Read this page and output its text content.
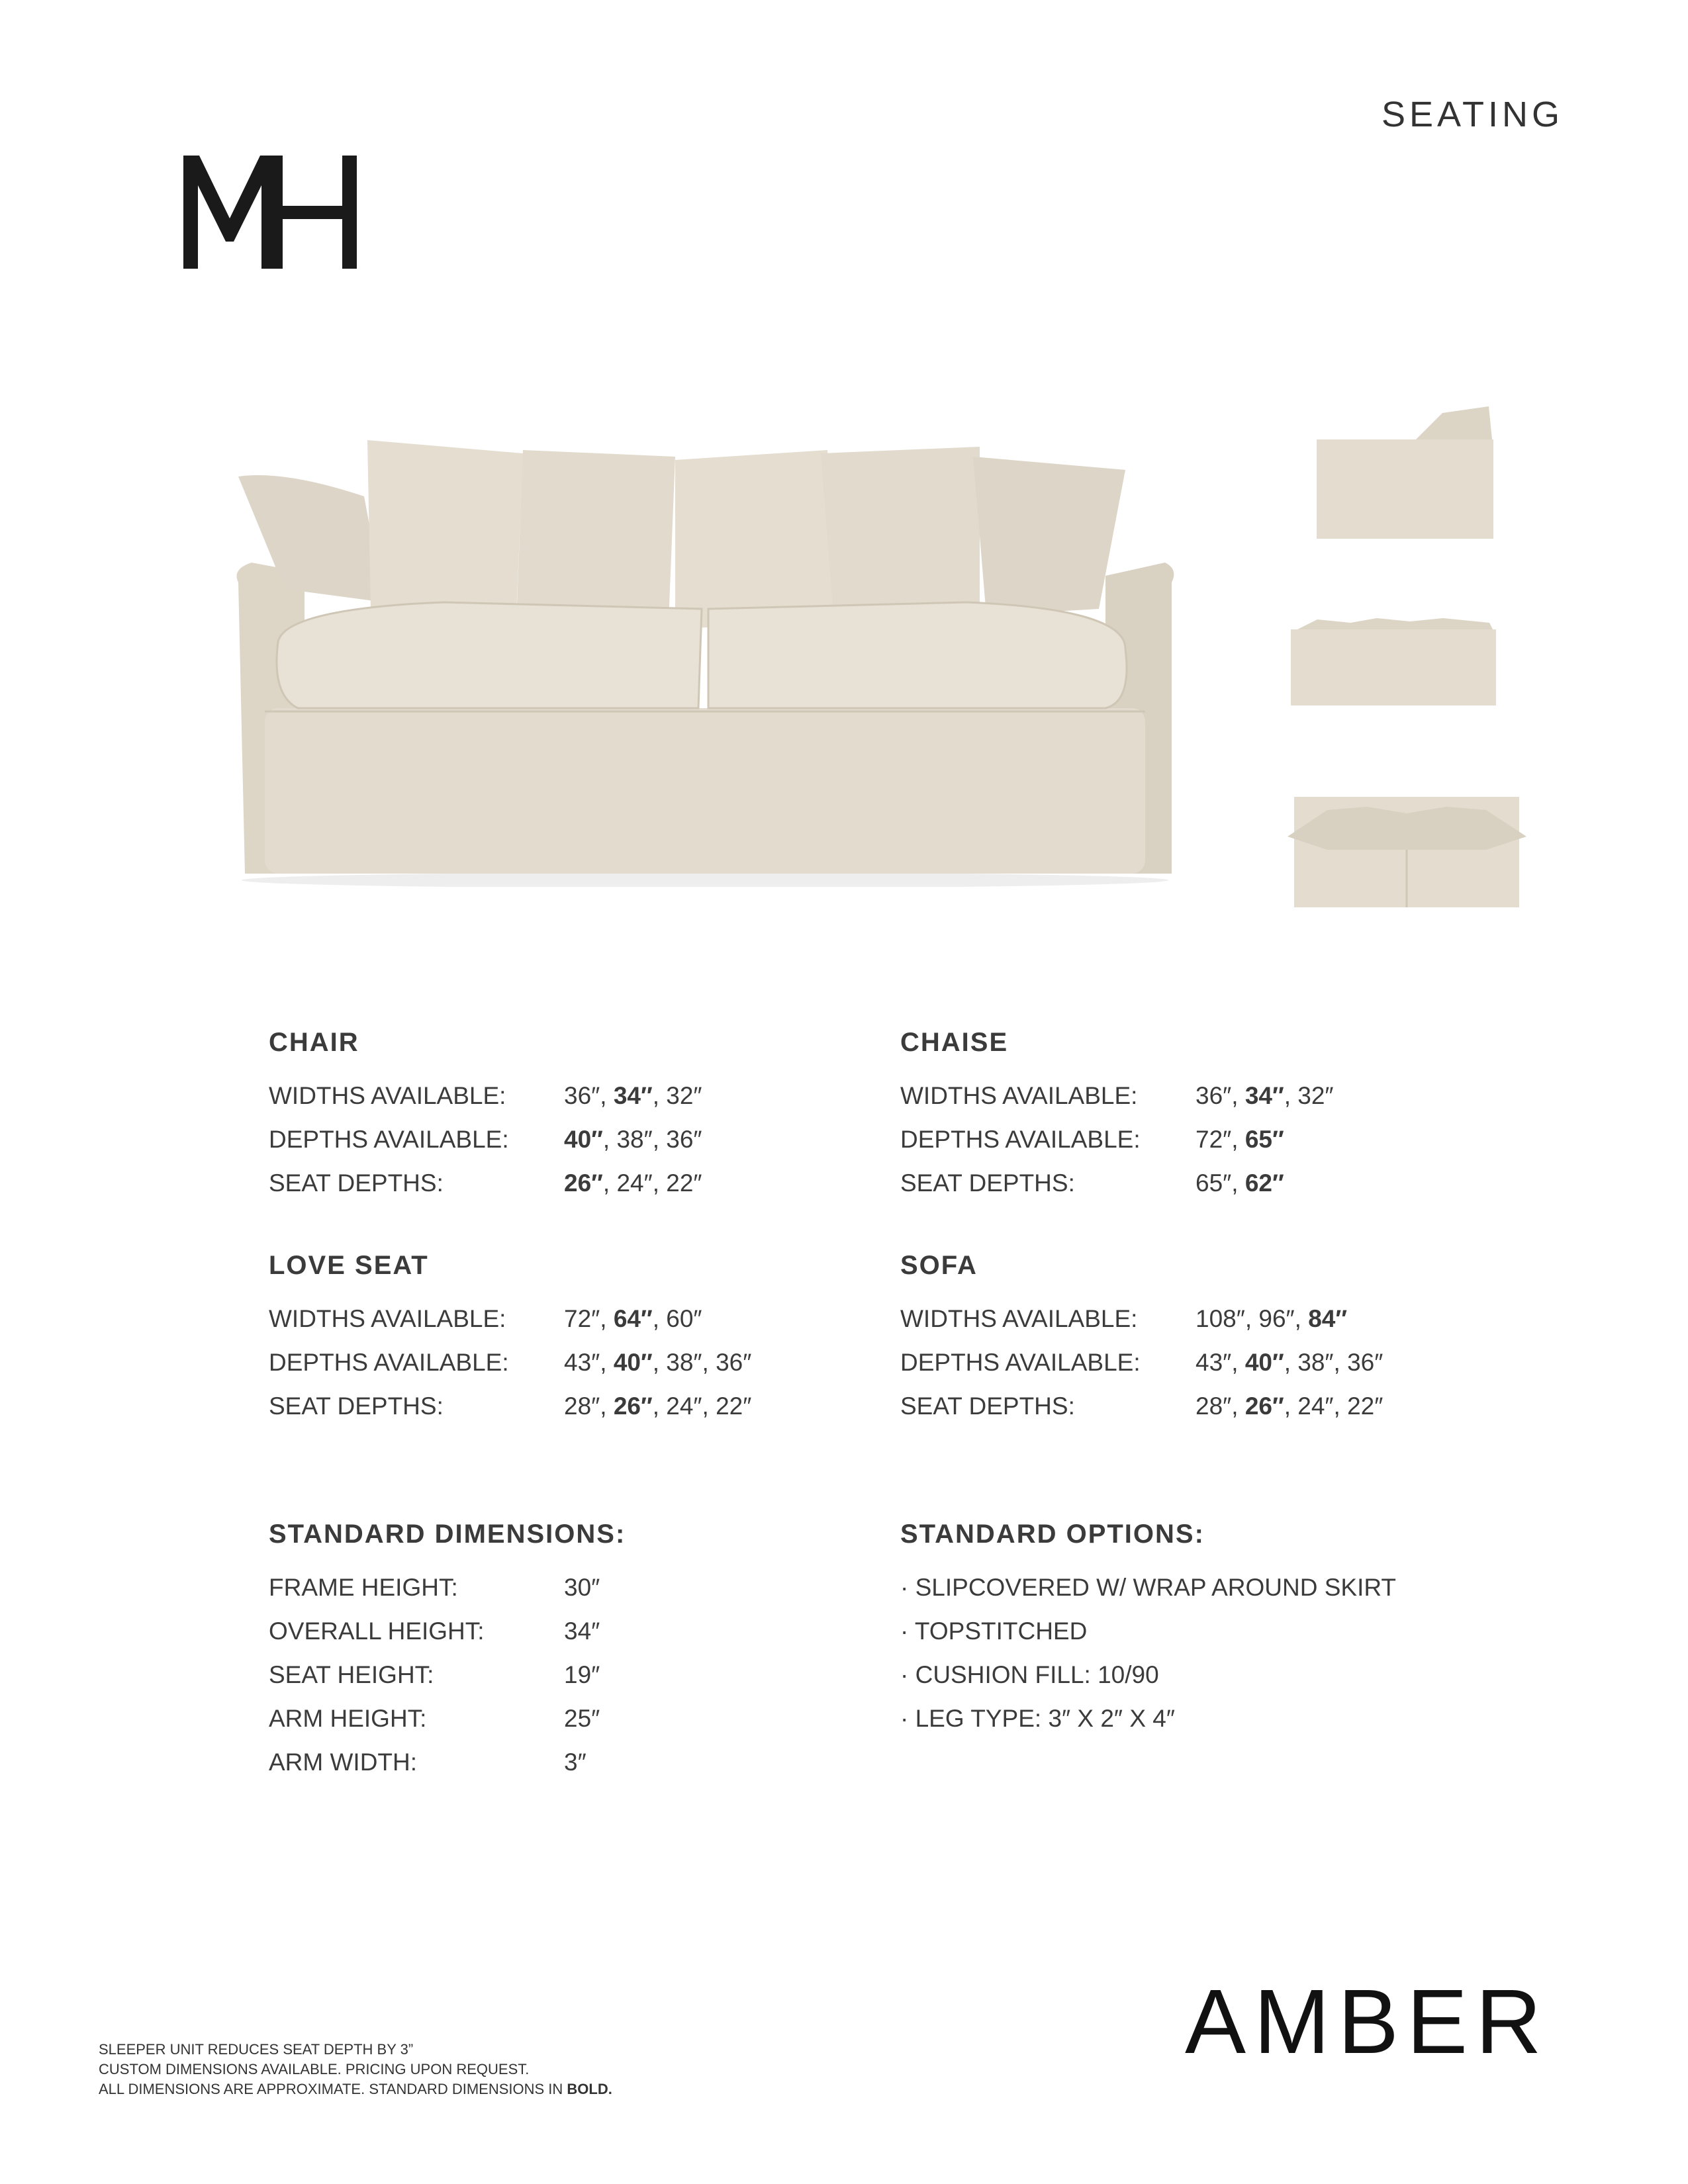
SEATING
CHAIR
WIDTHS AVAILABLE: 36″, 34″, 32″
DEPTHS AVAILABLE: 40″, 38″, 36″
SEAT DEPTHS:	26″, 24″, 22″
CHAISE
WIDTHS AVAILABLE: 36″, 34″, 32″
DEPTHS AVAILABLE: 72″, 65″
SEAT DEPTHS:	65″, 62″
LOVE SEAT
WIDTHS AVAILABLE: 72″, 64″, 60″
DEPTHS AVAILABLE: 43″, 40″, 38″, 36″
SEAT DEPTHS:	28″, 26″, 24″, 22″
SOFA
WIDTHS AVAILABLE: 108″, 96″, 84″
DEPTHS AVAILABLE: 43″, 40″, 38″, 36″
SEAT DEPTHS:	28″, 26″, 24″, 22″
STANDARD DIMENSIONS:
FRAME HEIGHT:	30″
OVERALL HEIGHT:	34″
SEAT HEIGHT:	19″
ARM HEIGHT:	25″
ARM WIDTH:	3″
STANDARD OPTIONS:
· SLIPCOVERED W/ WRAP AROUND SKIRT
· TOPSTITCHED
· CUSHION FILL: 10/90
· LEG TYPE: 3″ X 2″ X 4″
AMBER
SLEEPER UNIT REDUCES SEAT DEPTH BY 3”
CUSTOM DIMENSIONS AVAILABLE. PRICING UPON REQUEST.
ALL DIMENSIONS ARE APPROXIMATE. STANDARD DIMENSIONS IN BOLD.
